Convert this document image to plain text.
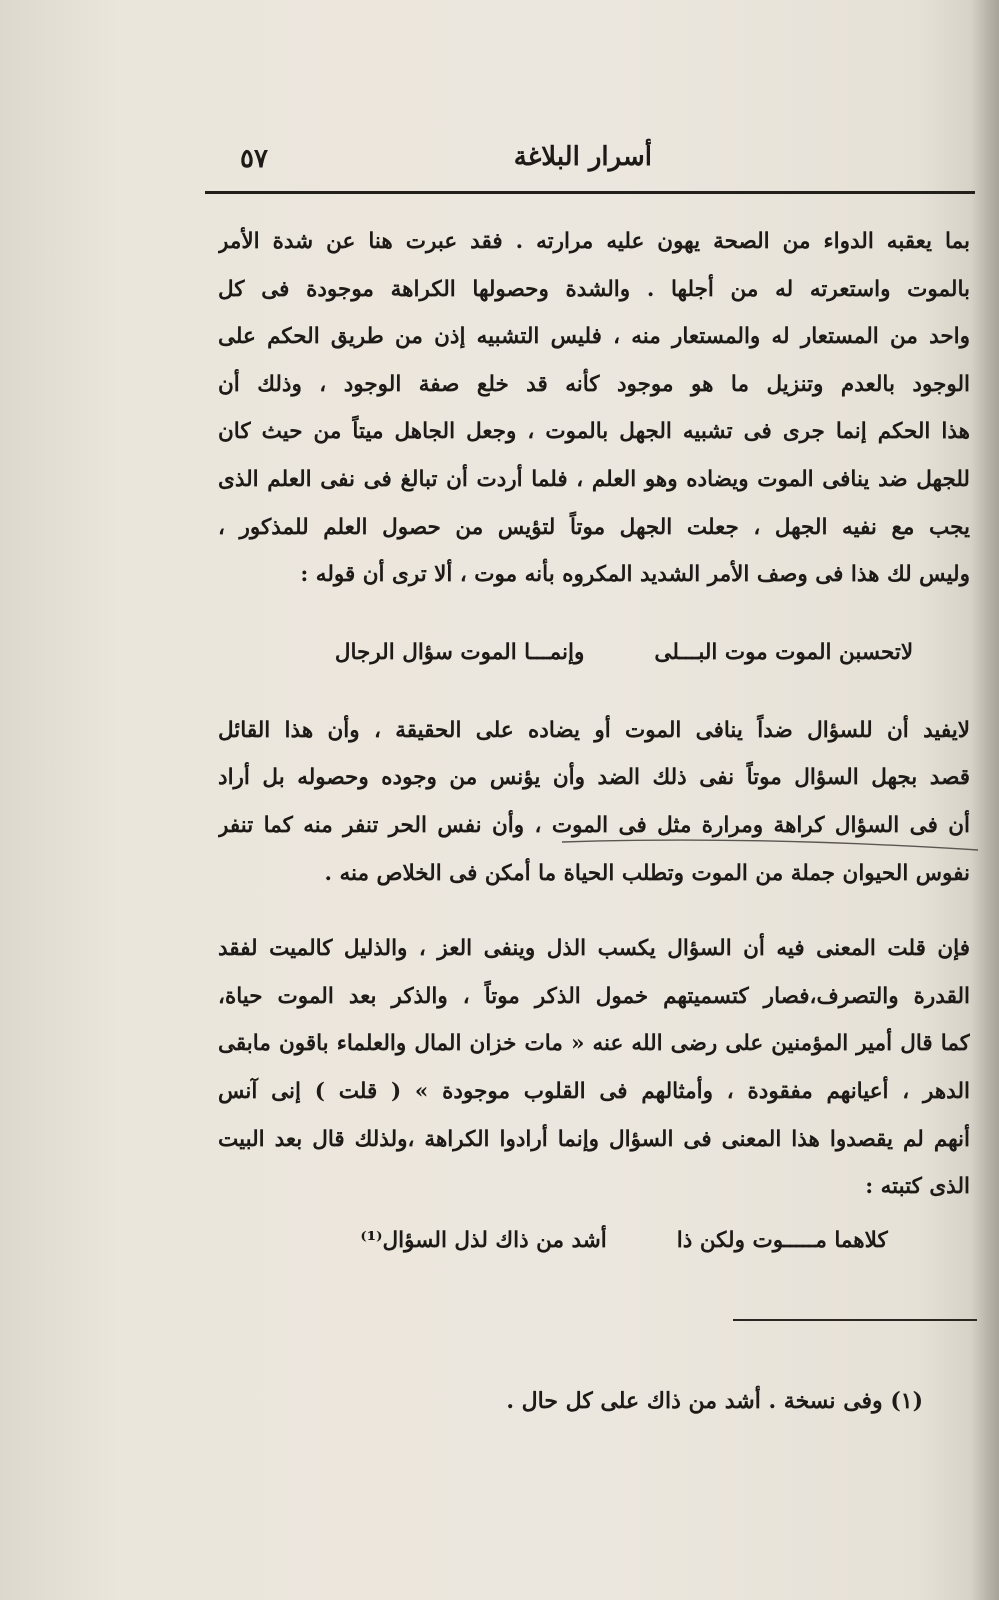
أسرار البلاغة
٥٧
بما يعقبه الدواء من الصحة يهون عليه مرارته . فقد عبرت هنا عن شدة الأمر
بالموت واستعرته له من أجلها . والشدة وحصولها الكراهة موجودة فى كل
واحد من المستعار له والمستعار منه ، فليس التشبيه إذن من طريق الحكم على
الوجود بالعدم وتنزيل ما هو موجود كأنه قد خلع صفة الوجود ، وذلك أن
هذا الحكم إنما جرى فى تشبيه الجهل بالموت ، وجعل الجاهل ميتاً من حيث كان
للجهل ضد ينافى الموت ويضاده وهو العلم ، فلما أردت أن تبالغ فى نفى العلم الذى
يجب مع نفيه الجهل ، جعلت الجهل موتاً لتؤيس من حصول العلم للمذكور ،
وليس لك هذا فى وصف الأمر الشديد المكروه بأنه موت ، ألا ترى أن قوله :
لاتحسبن الموت موت البـــلى
وإنمـــا الموت سؤال الرجال
لايفيد أن للسؤال ضداً ينافى الموت أو يضاده على الحقيقة ، وأن هذا القائل
قصد بجهل السؤال موتاً نفى ذلك الضد وأن يؤنس من وجوده وحصوله بل أراد
أن فى السؤال كراهة ومرارة مثل فى الموت ، وأن نفس الحر تنفر منه كما تنفر
نفوس الحيوان جملة من الموت وتطلب الحياة ما أمكن فى الخلاص منه .
فإن قلت المعنى فيه أن السؤال يكسب الذل وينفى العز ، والذليل كالميت لفقد
القدرة والتصرف،فصار كتسميتهم خمول الذكر موتاً ، والذكر بعد الموت حياة،
كما قال أمير المؤمنين على رضى الله عنه « مات خزان المال والعلماء باقون مابقى
الدهر ، أعيانهم مفقودة ، وأمثالهم فى القلوب موجودة » ( قلت ) إنى آنس
أنهم لم يقصدوا هذا المعنى فى السؤال وإنما أرادوا الكراهة ،ولذلك قال بعد البيت
الذى كتبته :
كلاهما مـــــوت ولكن ذا
أشد من ذاك لذل السؤال⁽¹⁾
(١) وفى نسخة . أشد من ذاك على كل حال .
